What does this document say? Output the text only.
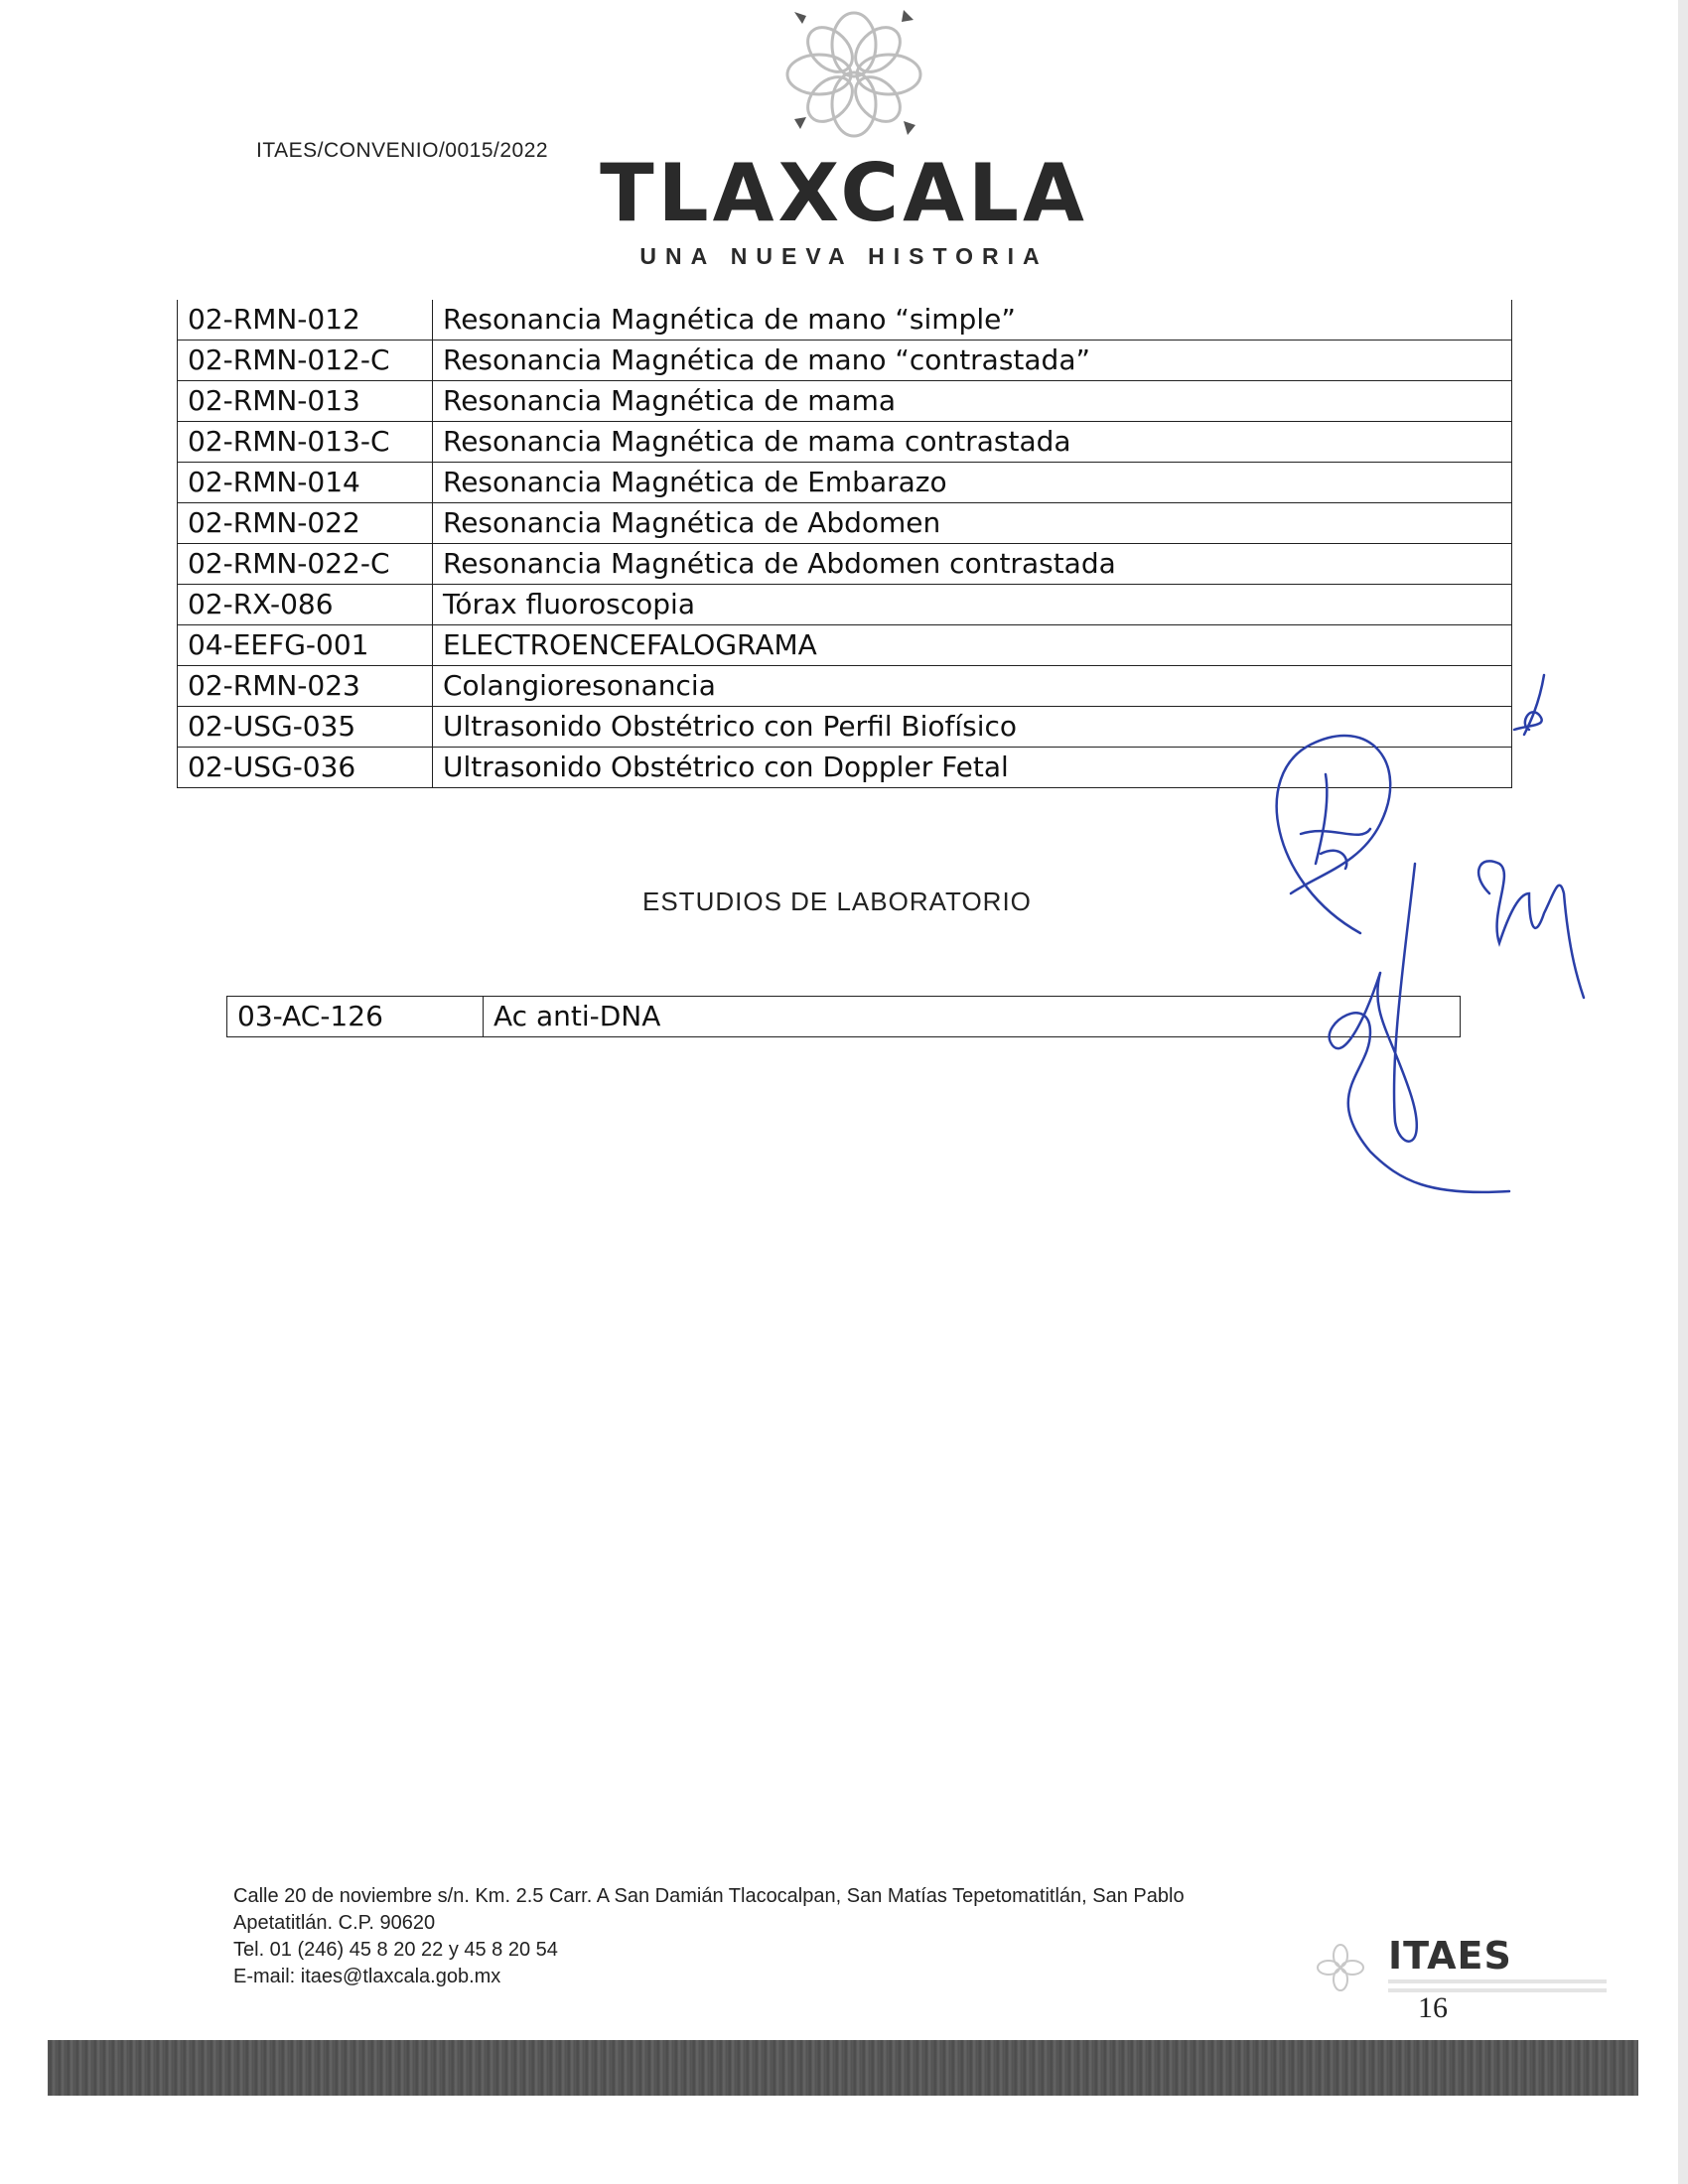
ITAES/CONVENIO/0015/2022 TLAXCALA
UNA NUEVA HISTORIA
02-RMN-012	Resonancia Magnética de mano “simple”
02-RMN-012-C	Resonancia Magnética de mano “contrastada”
02-RMN-013	Resonancia Magnética de mama
02-RMN-013-C	Resonancia Magnética de mama contrastada
02-RMN-014	Resonancia Magnética de Embarazo
02-RMN-022	Resonancia Magnética de Abdomen
02-RMN-022-C	Resonancia Magnética de Abdomen contrastada
02-RX-086	Tórax fluoroscopia
04-EEFG-001	ELECTROENCEFALOGRAMA
02-RMN-023	Colangioresonancia
02-USG-035	Ultrasonido Obstétrico con Perfil Biofísico
02-USG-036	Ultrasonido Obstétrico con Doppler Fetal
ESTUDIOS DE LABORATORIO
03-AC-126	Ac anti-DNA
Calle 20 de noviembre s/n. Km. 2.5 Carr. A San Damián Tlacocalpan, San Matías Tepetomatitlán, San Pablo
Apetatitlán. C.P. 90620
Tel. 01 (246) 45 8 20 22 y 45 8 20 54
E-mail: itaes@tlaxcala.gob.mx	ITAES
16
